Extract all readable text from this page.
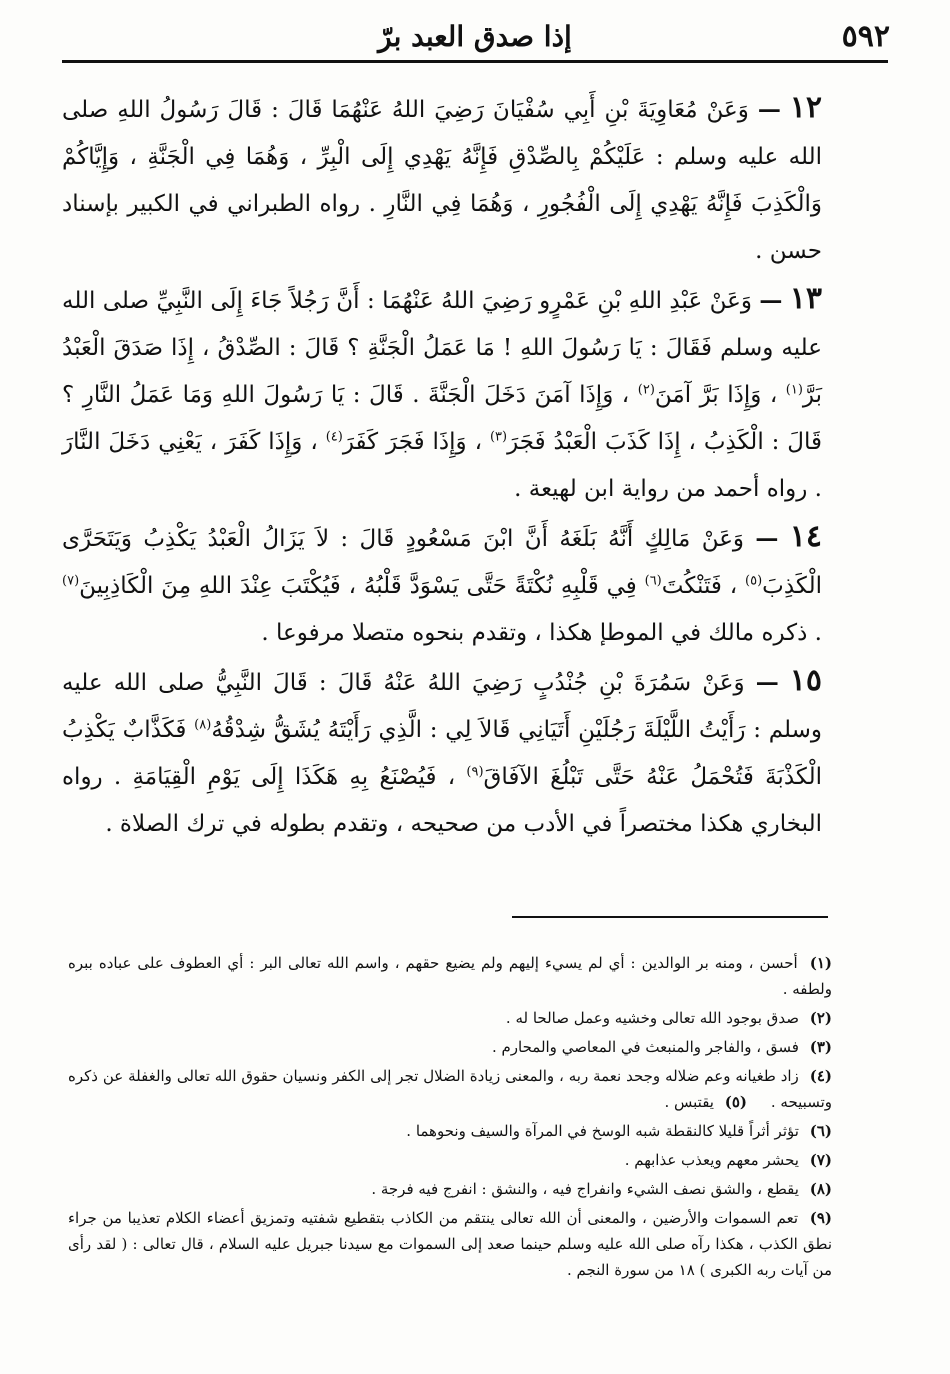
٥٩٢
إذا صدق العبد برّ

١٢ — وَعَنْ مُعَاوِيَةَ بْنِ أَبِي سُفْيَانَ رَضِيَ اللهُ عَنْهُمَا قَالَ : قَالَ رَسُولُ اللهِ صلى الله عليه وسلم : عَلَيْكُمْ بِالصِّدْقِ فَإِنَّهُ يَهْدِي إِلَى الْبِرِّ ، وَهُمَا فِي الْجَنَّةِ ، وَإِيَّاكُمْ وَالْكَذِبَ فَإِنَّهُ يَهْدِي إِلَى الْفُجُورِ ، وَهُمَا فِي النَّارِ . رواه الطبراني في الكبير بإسناد حسن .

١٣ — وَعَنْ عَبْدِ اللهِ بْنِ عَمْرٍو رَضِيَ اللهُ عَنْهُمَا : أَنَّ رَجُلاً جَاءَ إِلَى النَّبِيِّ صلى الله عليه وسلم فَقَالَ : يَا رَسُولَ اللهِ ! مَا عَمَلُ الْجَنَّةِ ؟ قَالَ : الصِّدْقُ ، إِذَا صَدَقَ الْعَبْدُ بَرَّ$^{(١)}$ ، وَإِذَا بَرَّ آمَنَ$^{(٢)}$ ، وَإِذَا آمَنَ دَخَلَ الْجَنَّةَ . قَالَ : يَا رَسُولَ اللهِ وَمَا عَمَلُ النَّارِ ؟ قَالَ : الْكَذِبُ ، إِذَا كَذَبَ الْعَبْدُ فَجَرَ$^{(٣)}$ ، وَإِذَا فَجَرَ كَفَرَ$^{(٤)}$ ، وَإِذَا كَفَرَ ، يَعْنِي دَخَلَ النَّارَ . رواه أحمد من رواية ابن لهيعة .

١٤ — وَعَنْ مَالِكٍ أَنَّهُ بَلَغَهُ أَنَّ ابْنَ مَسْعُودٍ قَالَ : لاَ يَزَالُ الْعَبْدُ يَكْذِبُ وَيَتَحَرَّى الْكَذِبَ$^{(٥)}$ ، فَتَنْكُتَ$^{(٦)}$ فِي قَلْبِهِ نُكْتَةً حَتَّى يَسْوَدَّ قَلْبُهُ ، فَيُكْتَبَ عِنْدَ اللهِ مِنَ الْكَاذِبِينَ$^{(٧)}$ . ذكره مالك في الموطإ هكذا ، وتقدم بنحوه متصلا مرفوعا .

١٥ — وَعَنْ سَمُرَةَ بْنِ جُنْدُبٍ رَضِيَ اللهُ عَنْهُ قَالَ : قَالَ النَّبِيُّ صلى الله عليه وسلم : رَأَيْتُ اللَّيْلَةَ رَجُلَيْنِ أَتَيَانِي قَالاَ لِي : الَّذِي رَأَيْتَهُ يُشَقُّ شِدْقُهُ$^{(٨)}$ فَكَذَّابٌ يَكْذِبُ الْكَذْبَةَ فَتُحْمَلُ عَنْهُ حَتَّى تَبْلُغَ الآفَاقَ$^{(٩)}$ ، فَيُصْنَعُ بِهِ هَكَذَا إِلَى يَوْمِ الْقِيَامَةِ . رواه البخاري هكذا مختصراً في الأدب من صحيحه ، وتقدم بطوله في ترك الصلاة .

(١) أحسن ، ومنه بر الوالدين : أي لم يسيء إليهم ولم يضيع حقهم ، واسم الله تعالى البر : أي العطوف على عباده ببره ولطفه .

(٢) صدق بوجود الله تعالى وخشيه وعمل صالحا له .

(٣) فسق ، والفاجر والمنبعث في المعاصي والمحارم .

(٤) زاد طغيانه وعم ضلاله وجحد نعمة ربه ، والمعنى زيادة الضلال تجر إلى الكفر ونسيان حقوق الله تعالى والغفلة عن ذكره وتسبيحه .     (٥) يقتبس .

(٦) تؤثر أثراً قليلا كالنقطة شبه الوسخ في المرآة والسيف ونحوهما .

(٧) يحشر معهم ويعذب عذابهم .

(٨) يقطع ، والشق نصف الشيء وانفراج فيه ، والنشق : انفرج فيه فرجة .

(٩) تعم السموات والأرضين ، والمعنى أن الله تعالى ينتقم من الكاذب بتقطيع شفتيه وتمزيق أعضاء الكلام تعذيبا من جراء نطق الكذب ، هكذا رآه صلى الله عليه وسلم حينما صعد إلى السموات مع سيدنا جبريل عليه السلام ، قال تعالى : ( لقد رأى من آيات ربه الكبرى ) ١٨ من سورة النجم .
